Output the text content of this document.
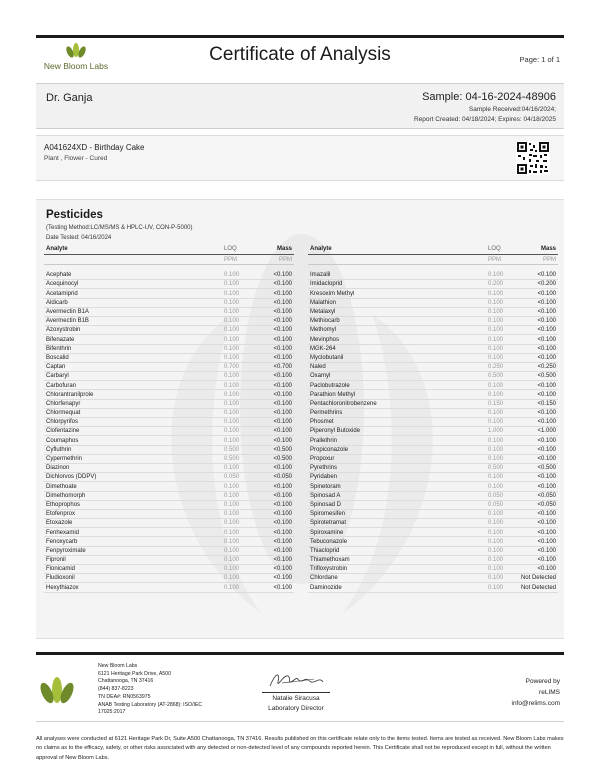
New Bloom Labs
Certificate of Analysis	Page: 1 of 1
Dr. Ganja	Sample: 04-16-2024-48906
Sample Received:04/16/2024;
Report Created: 04/18/2024; Expires: 04/18/2025
A041624XD - Birthday Cake
Plant , Flower - Cured
Pesticides
(Testing Method:LC/MS/MS & HPLC-UV, CON-P-5000)
Date Tested: 04/16/2024
Analyte	LOQ	Mass
PPM	PPM
Acephate	0.100	<0.100
Acequinocyl	0.100	<0.100
Acetamiprid	0.100	<0.100
Aldicarb	0.100	<0.100
Avermectin B1A	0.100	<0.100
Avermectin B1B	0.100	<0.100
Azoxystrobin	0.100	<0.100
Bifenazate	0.100	<0.100
Bifenthrin	0.100	<0.100
Boscalid	0.100	<0.100
Captan	0.700	<0.700
Carbaryl	0.100	<0.100
Carbofuran	0.100	<0.100
Chlorantranilprole	0.100	<0.100
Chlorfenapyr	0.100	<0.100
Chlormequat	0.100	<0.100
Chlorpyrifos	0.100	<0.100
Clofentazine	0.100	<0.100
Coumaphos	0.100	<0.100
Cyfluthrin	0.500	<0.500
Cypermethrin	0.500	<0.500
Diazinon	0.100	<0.100
Dichlorvos (DDPV)	0.050	<0.050
Dimethoate	0.100	<0.100
Dimethomorph	0.100	<0.100
Ethoprophos	0.100	<0.100
Etofenprox	0.100	<0.100
Etoxazole	0.100	<0.100
Fenhexamid	0.100	<0.100
Fenoxycarb	0.100	<0.100
Fenpyroximate	0.100	<0.100
Fipronil	0.100	<0.100
Flonicamid	0.100	<0.100
Fludioxonil	0.100	<0.100
Hexythiazox	0.100	<0.100
Analyte	LOQ	Mass
PPM	PPM
Imazalil	0.100	<0.100
Imidacloprid	0.200	<0.200
Kresoxim Methyl	0.100	<0.100
Malathion	0.100	<0.100
Metalaxyl	0.100	<0.100
Methiocarb	0.100	<0.100
Methomyl	0.100	<0.100
Mevinphos	0.100	<0.100
MGK-264	0.100	<0.100
Myclobutanil	0.100	<0.100
Naled	0.250	<0.250
Oxamyl	0.500	<0.500
Paclobutrazole	0.100	<0.100
Parathion Methyl	0.100	<0.100
Pentachloronitrobenzene	0.150	<0.150
Permethrins	0.100	<0.100
Phosmet	0.100	<0.100
Piperonyl Butoxide	1.000	<1.000
Prallethrin	0.100	<0.100
Propiconazole	0.100	<0.100
Propoxur	0.100	<0.100
Pyrethrins	0.500	<0.500
Pyridaben	0.100	<0.100
Spinetoram	0.100	<0.100
Spinosad A	0.050	<0.050
Spinosad D	0.050	<0.050
Spiromesifen	0.100	<0.100
Spirotetramat	0.100	<0.100
Spiroxamine	0.100	<0.100
Tebuconazole	0.100	<0.100
Thiacloprid	0.100	<0.100
Thiamethoxam	0.100	<0.100
Trifloxystrobin	0.100	<0.100
Chlordane	0.100	Not Detected
Daminozide	0.100	Not Detected
New Bloom Labs
6121 Heritage Park Drive, A500
Chattanooga, TN 37416
(844) 837-8223
TN DEA#: RN0563975
ANAB Testing Laboratory (AT-2868): ISO/IEC
17025:2017
Natalie Siracusa
Laboratory Director
Powered by
reLIMS
info@relims.com
All analyses were conducted at 6121 Heritage Park Dr, Suite A500 Chattanooga, TN 37416. Results published on this certificate relate only to the items tested. Items are tested as received. New Bloom Labs makes no claims as to the efficacy, safety, or other risks associated with any detected or non-detected level of any compounds reported herein. This Certificate shall not be reproduced except in full, without the written approval of New Bloom Labs.
